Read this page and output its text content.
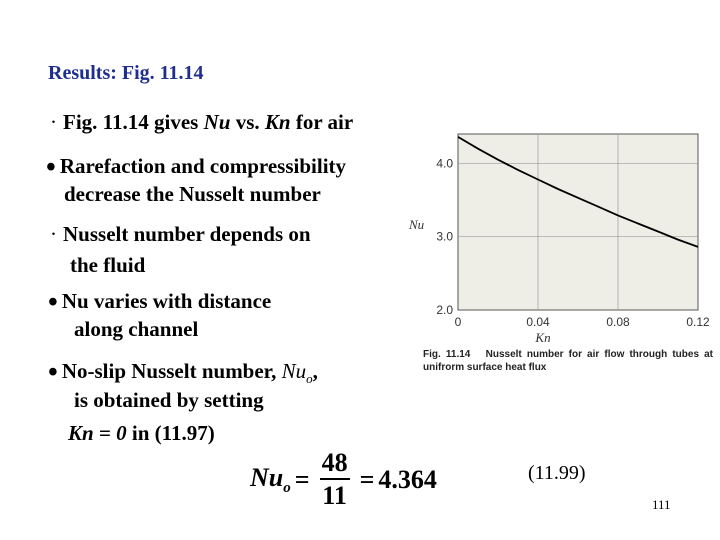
Results: Fig. 11.14
· Fig. 11.14 gives Nu vs. Kn for air
• Rarefaction and compressibility
decrease the Nusselt number
· Nusselt number depends on
the fluid
• Nu varies with distance
along channel
• No-slip Nusselt number, $Nu_o$,
is obtained by setting
Kn = 0 in (11.97)
0	0.04	0.08	0.12
2.0
3.0
4.0
Kn
Nu
Fig. 11.14 Nusselt number for air flow through tubes at unifrorm surface heat flux
$Nu_o = \frac{48}{11} = 4.364$	(11.99)
111
